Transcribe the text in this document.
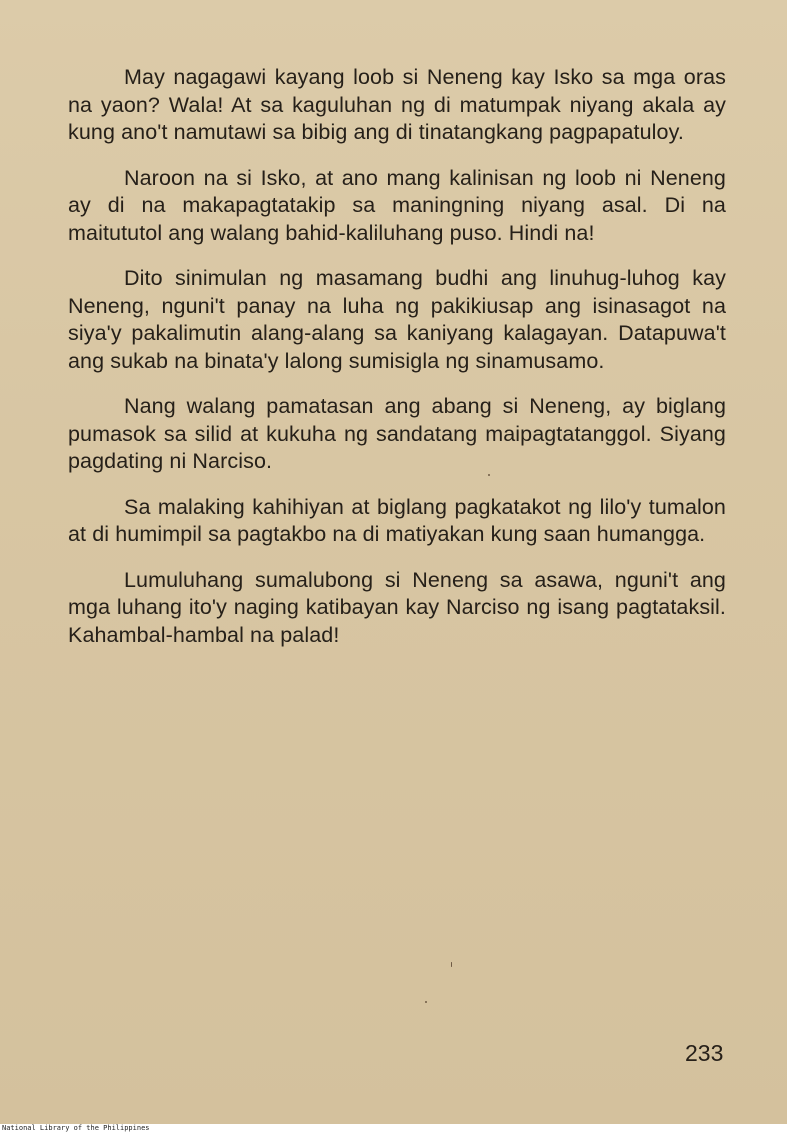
May nagagawi kayang loob si Neneng kay Isko sa mga oras na yaon? Wala! At sa kaguluhan ng di matumpak niyang akala ay kung ano't namutawi sa bibig ang di tinatangkang pagpapatuloy.

Naroon na si Isko, at ano mang kalinisan ng loob ni Neneng ay di na makapagtatakip sa maningning niyang asal. Di na maitututol ang walang bahid-kaliluhang puso. Hindi na!

Dito sinimulan ng masamang budhi ang linuhug-luhog kay Neneng, nguni't panay na luha ng pakikiusap ang isinasagot na siya'y pakalimutin alang-alang sa kaniyang kalagayan. Datapuwa't ang sukab na binata'y lalong sumisigla ng sinamusamo.

Nang walang pamatasan ang abang si Neneng, ay biglang pumasok sa silid at kukuha ng sandatang maipagtatanggol. Siyang pagdating ni Narciso.

Sa malaking kahihiyan at biglang pagkatakot ng lilo'y tumalon at di humimpil sa pagtakbo na di matiyakan kung saan humangga.

Lumuluhang sumalubong si Neneng sa asawa, nguni't ang mga luhang ito'y naging katibayan kay Narciso ng isang pagtataksil. Kahambal-hambal na palad!

233
National Library of the Philippines
